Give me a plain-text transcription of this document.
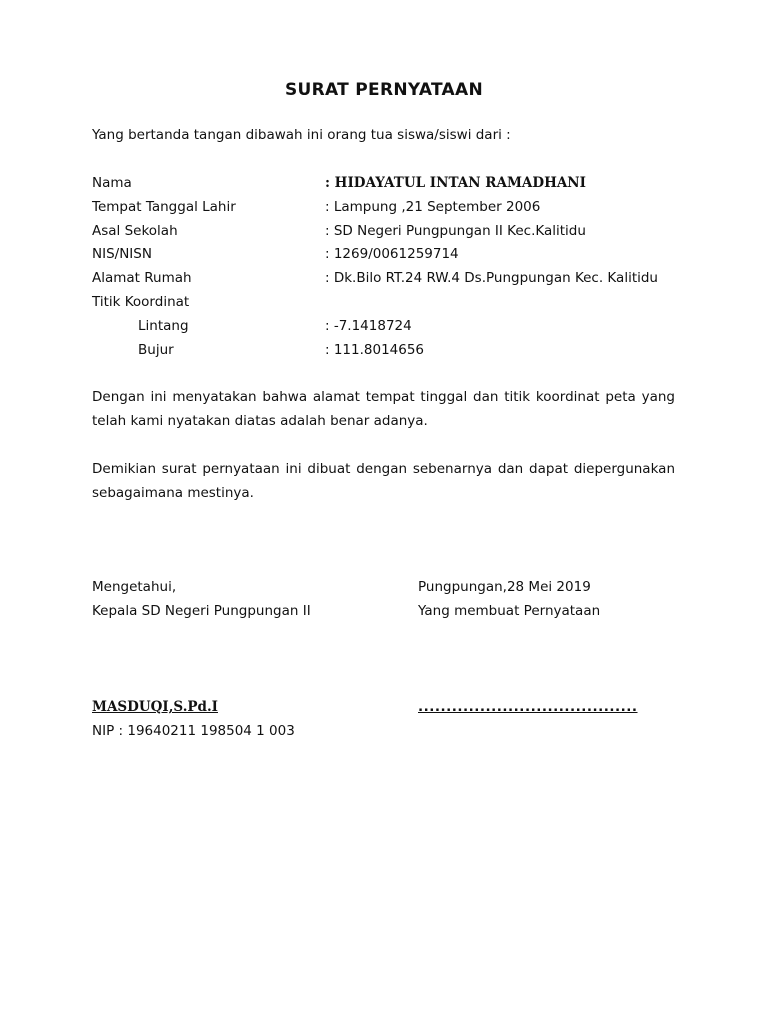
SURAT PERNYATAAN
Yang bertanda tangan dibawah ini orang tua siswa/siswi dari :
Nama	: HIDAYATUL INTAN RAMADHANI
Tempat Tanggal Lahir	: Lampung ,21 September 2006
Asal Sekolah	: SD Negeri Pungpungan II Kec.Kalitidu
NIS/NISN	: 1269/0061259714
Alamat Rumah	: Dk.Bilo RT.24 RW.4 Ds.Pungpungan Kec. Kalitidu
Titik Koordinat
Lintang	: -7.1418724
Bujur	: 111.8014656
Dengan ini menyatakan bahwa alamat tempat tinggal dan titik koordinat peta yang telah kami nyatakan diatas adalah benar adanya.
Demikian surat pernyataan ini dibuat dengan sebenarnya dan dapat diepergunakan sebagaimana mestinya.
Mengetahui,
Kepala SD Negeri Pungpungan II
MASDUQI,S.Pd.I
NIP : 19640211 198504 1 003
Pungpungan,28 Mei 2019
Yang membuat Pernyataan
.......................................
